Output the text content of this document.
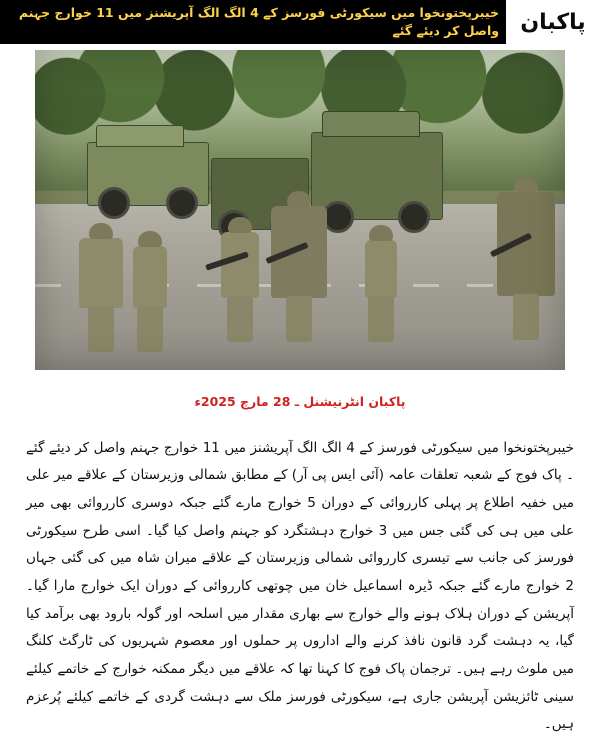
خیبرپختونخوا میں سیکورٹی فورسز کے 4 الگ الگ آپریشنز میں 11 خوارج جہنم واصل کر دیئے گئے پاکبان
پاکبان انٹرنیشنل ـ 28 مارچ 2025ء

خیبرپختونخوا میں سیکورٹی فورسز کے 4 الگ الگ آپریشنز میں 11 خوارج جہنم واصل کر دیئے گئے ۔ پاک فوج کے شعبہ تعلقات عامہ (آئی ایس پی آر) کے مطابق شمالی وزیرستان کے علاقے میر علی میں خفیہ اطلاع پر پہلی کارروائی کے دوران 5 خوارج مارے گئے جبکہ دوسری کارروائی بھی میر علی میں ہی کی گئی جس میں 3 خوارج دہشتگرد کو جہنم واصل کیا گیا۔ اسی طرح سیکورٹی فورسز کی جانب سے تیسری کارروائی شمالی وزیرستان کے علاقے میران شاہ میں کی گئی جہاں 2 خوارج مارے گئے جبکہ ڈیرہ اسماعیل خان میں چوتھی کارروائی کے دوران ایک خوارج مارا گیا۔ آپریشن کے دوران ہلاک ہونے والے خوارج سے بھاری مقدار میں اسلحہ اور گولہ بارود بھی برآمد کیا گیا، یہ دہشت گرد قانون نافذ کرنے والے اداروں پر حملوں اور معصوم شہریوں کی ٹارگٹ کلنگ میں ملوث رہے ہیں۔ ترجمان پاک فوج کا کہنا تھا کہ علاقے میں دیگر ممکنہ خوارج کے خاتمے کیلئے سینی ٹائزیشن آپریشن جاری ہے، سیکورٹی فورسز ملک سے دہشت گردی کے خاتمے کیلئے پُرعزم ہیں۔
